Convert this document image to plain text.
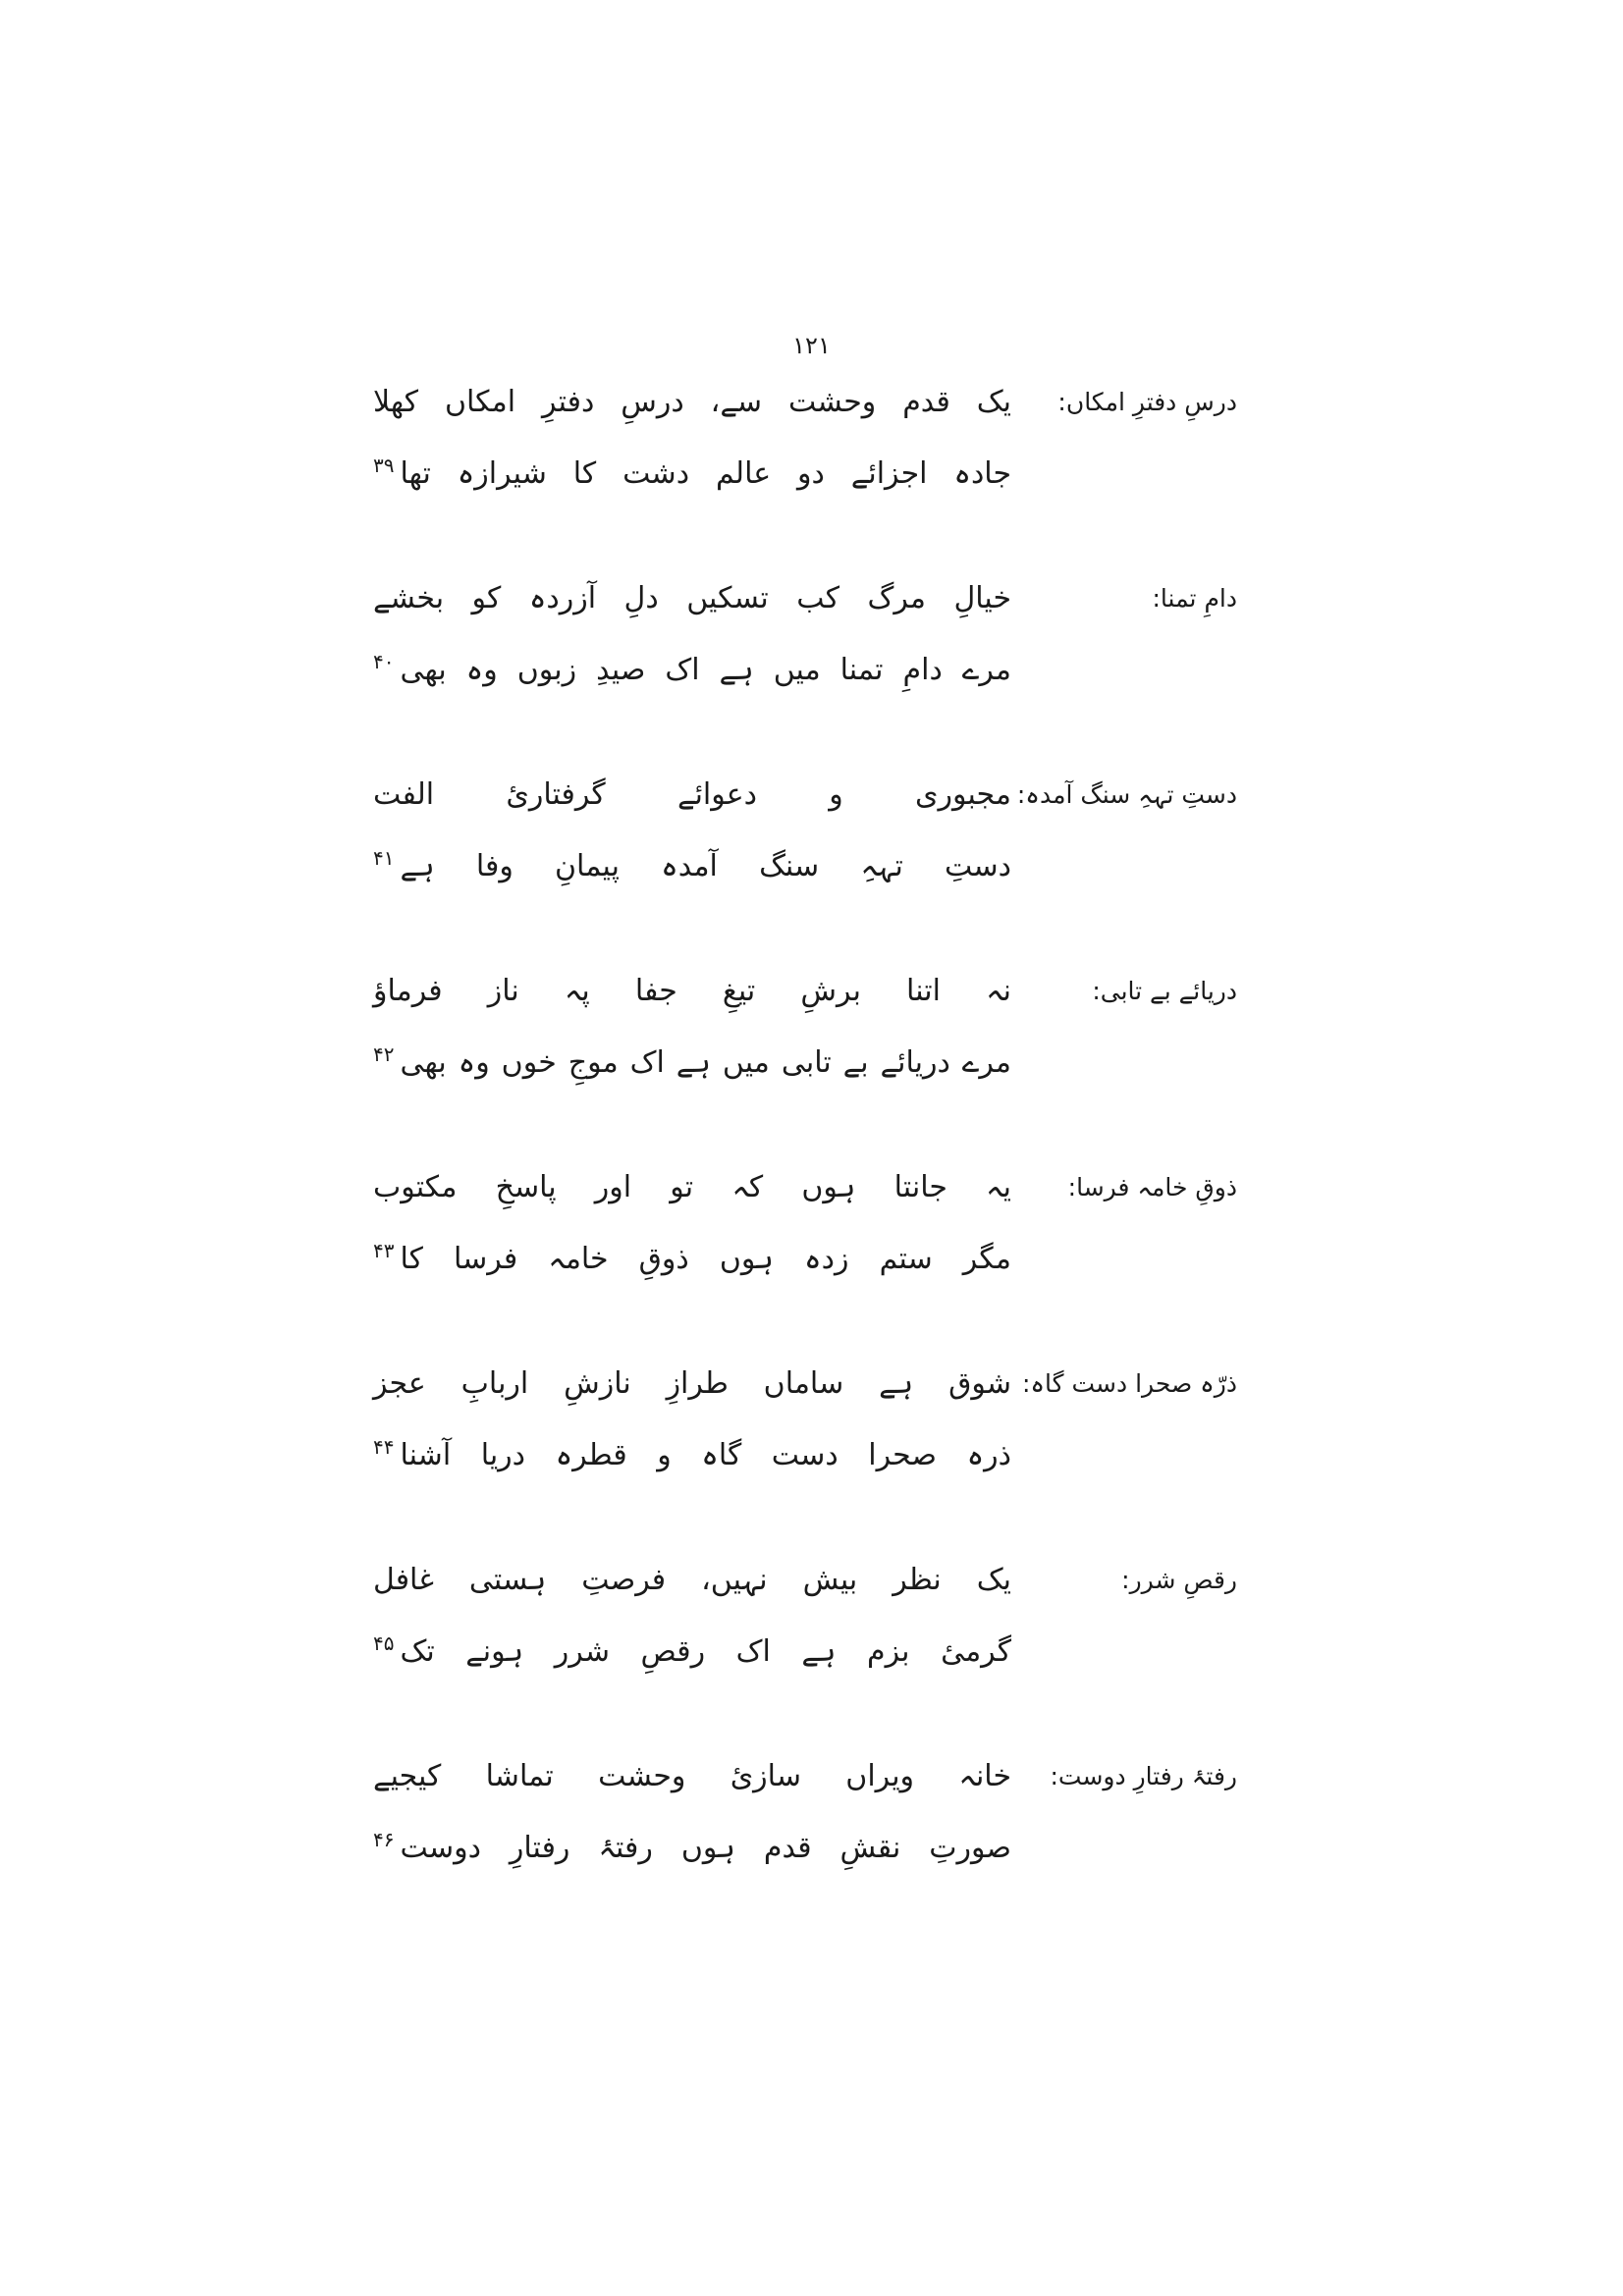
۱۲۱
درسِ دفترِ امکاں:
یک قدم وحشت سے، درسِ دفترِ امکاں کھلا
جادہ اجزائے دو عالم دشت کا شیرازہ تھا$^{۳۹}$
دامِ تمنا:
خیالِ مرگ کب تسکیں دلِ آزردہ کو بخشے
مرے دامِ تمنا میں ہے اک صیدِ زبوں وہ بھی$^{۴۰}$
دستِ تہہِ سنگ آمدہ:
مجبوری و دعوائے گرفتاریٔ الفت
دستِ تہہِ سنگ آمدہ پیمانِ وفا ہے$^{۴۱}$
دریائے بے تابی:
نہ اتنا برشِ تیغِ جفا پہ ناز فرماؤ
مرے دریائے بے تابی میں ہے اک موجِ خوں وہ بھی$^{۴۲}$
ذوقِ خامہ فرسا:
یہ جانتا ہوں کہ تو اور پاسخِ مکتوب
مگر ستم زدہ ہوں ذوقِ خامہ فرسا کا$^{۴۳}$
ذرّہ صحرا دست گاہ:
شوق ہے ساماں طرازِ نازشِ اربابِ عجز
ذرہ صحرا دست گاہ و قطرہ دریا آشنا$^{۴۴}$
رقصِ شرر:
یک نظر بیش نہیں، فرصتِ ہستی غافل
گرمیٔ بزم ہے اک رقصِ شرر ہونے تک$^{۴۵}$
رفتۂ رفتارِ دوست:
خانہ ویراں سازیٔ وحشت تماشا کیجیے
صورتِ نقشِ قدم ہوں رفتۂ رفتارِ دوست$^{۴۶}$
